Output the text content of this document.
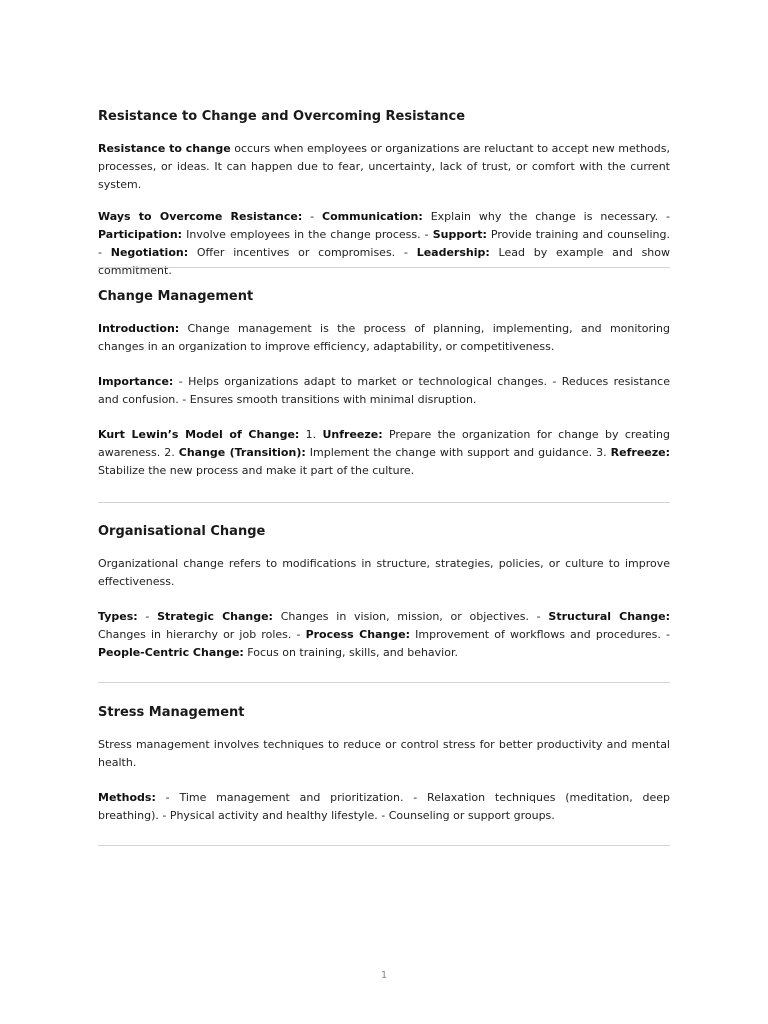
Resistance to Change and Overcoming Resistance

Resistance to change occurs when employees or organizations are reluctant to accept new methods, processes, or ideas. It can happen due to fear, uncertainty, lack of trust, or comfort with the current system.

Ways to Overcome Resistance: - Communication: Explain why the change is necessary. - Participation: Involve employees in the change process. - Support: Provide training and counseling. - Negotiation: Offer incentives or compromises. - Leadership: Lead by example and show commitment.

Change Management

Introduction: Change management is the process of planning, implementing, and monitoring changes in an organization to improve efficiency, adaptability, or competitiveness.

Importance: - Helps organizations adapt to market or technological changes. - Reduces resistance and confusion. - Ensures smooth transitions with minimal disruption.

Kurt Lewin’s Model of Change: 1. Unfreeze: Prepare the organization for change by creating awareness. 2. Change (Transition): Implement the change with support and guidance. 3. Refreeze: Stabilize the new process and make it part of the culture.

Organisational Change

Organizational change refers to modifications in structure, strategies, policies, or culture to improve effectiveness.

Types: - Strategic Change: Changes in vision, mission, or objectives. - Structural Change: Changes in hierarchy or job roles. - Process Change: Improvement of workflows and procedures. - People-Centric Change: Focus on training, skills, and behavior.

Stress Management

Stress management involves techniques to reduce or control stress for better productivity and mental health.

Methods: - Time management and prioritization. - Relaxation techniques (meditation, deep breathing). - Physical activity and healthy lifestyle. - Counseling or support groups.

1
